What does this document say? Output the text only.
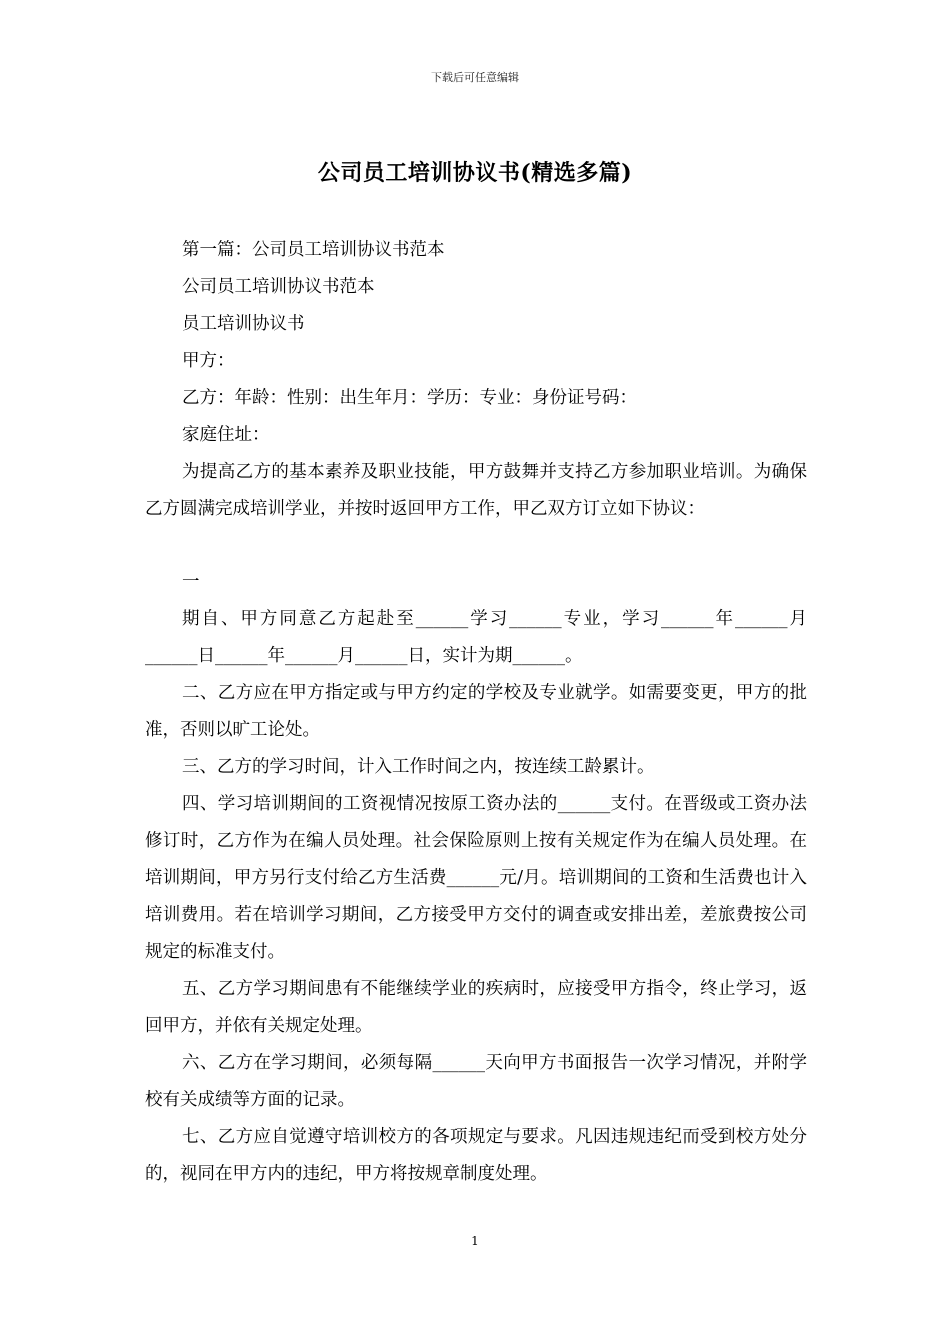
下载后可任意编辑
公司员工培训协议书(精选多篇)

第一篇：公司员工培训协议书范本

公司员工培训协议书范本

员工培训协议书

甲方：

乙方：年龄：性别：出生年月：学历：专业：身份证号码：

家庭住址：

为提高乙方的基本素养及职业技能，甲方鼓舞并支持乙方参加职业培训。为确保乙方圆满完成培训学业，并按时返回甲方工作，甲乙双方订立如下协议：

一

期自、甲方同意乙方起赴至______学习______专业，学习______年______月______日______年______月______日，实计为期______。

二、乙方应在甲方指定或与甲方约定的学校及专业就学。如需要变更，甲方的批准，否则以旷工论处。

三、乙方的学习时间，计入工作时间之内，按连续工龄累计。

四、学习培训期间的工资视情况按原工资办法的______支付。在晋级或工资办法修订时，乙方作为在编人员处理。社会保险原则上按有关规定作为在编人员处理。在培训期间，甲方另行支付给乙方生活费______元/月。培训期间的工资和生活费也计入培训费用。若在培训学习期间，乙方接受甲方交付的调查或安排出差，差旅费按公司规定的标准支付。

五、乙方学习期间患有不能继续学业的疾病时，应接受甲方指令，终止学习，返回甲方，并依有关规定处理。

六、乙方在学习期间，必须每隔______天向甲方书面报告一次学习情况，并附学校有关成绩等方面的记录。

七、乙方应自觉遵守培训校方的各项规定与要求。凡因违规违纪而受到校方处分的，视同在甲方内的违纪，甲方将按规章制度处理。

1
